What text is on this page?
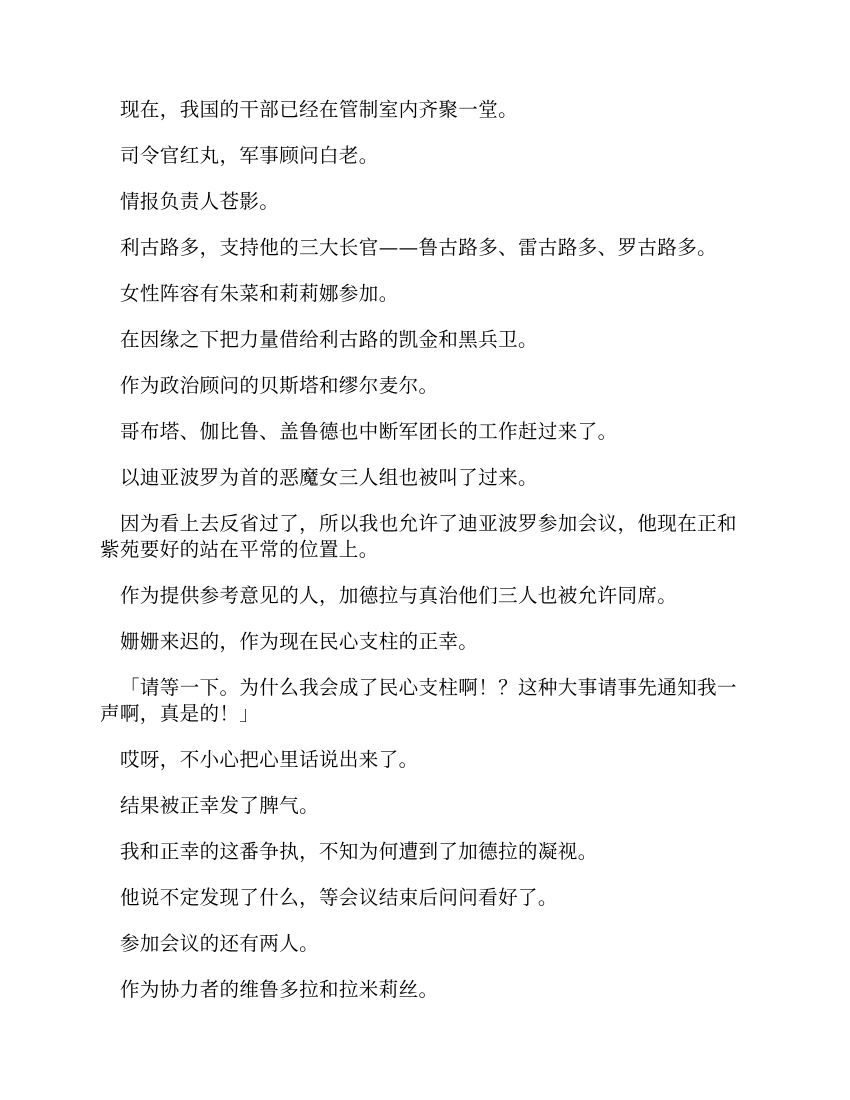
现在，我国的干部已经在管制室内齐聚一堂。

司令官红丸，军事顾问白老。

情报负责人苍影。

利古路多，支持他的三大长官——鲁古路多、雷古路多、罗古路多。

女性阵容有朱菜和莉莉娜参加。

在因缘之下把力量借给利古路的凯金和黑兵卫。

作为政治顾问的贝斯塔和缪尔麦尔。

哥布塔、伽比鲁、盖鲁德也中断军团长的工作赶过来了。

以迪亚波罗为首的恶魔女三人组也被叫了过来。

因为看上去反省过了，所以我也允许了迪亚波罗参加会议，他现在正和紫苑要好的站在平常的位置上。

作为提供参考意见的人，加德拉与真治他们三人也被允许同席。

姗姗来迟的，作为现在民心支柱的正幸。

「请等一下。为什么我会成了民心支柱啊！？这种大事请事先通知我一声啊，真是的！」

哎呀，不小心把心里话说出来了。

结果被正幸发了脾气。

我和正幸的这番争执，不知为何遭到了加德拉的凝视。

他说不定发现了什么，等会议结束后问问看好了。

参加会议的还有两人。

作为协力者的维鲁多拉和拉米莉丝。
